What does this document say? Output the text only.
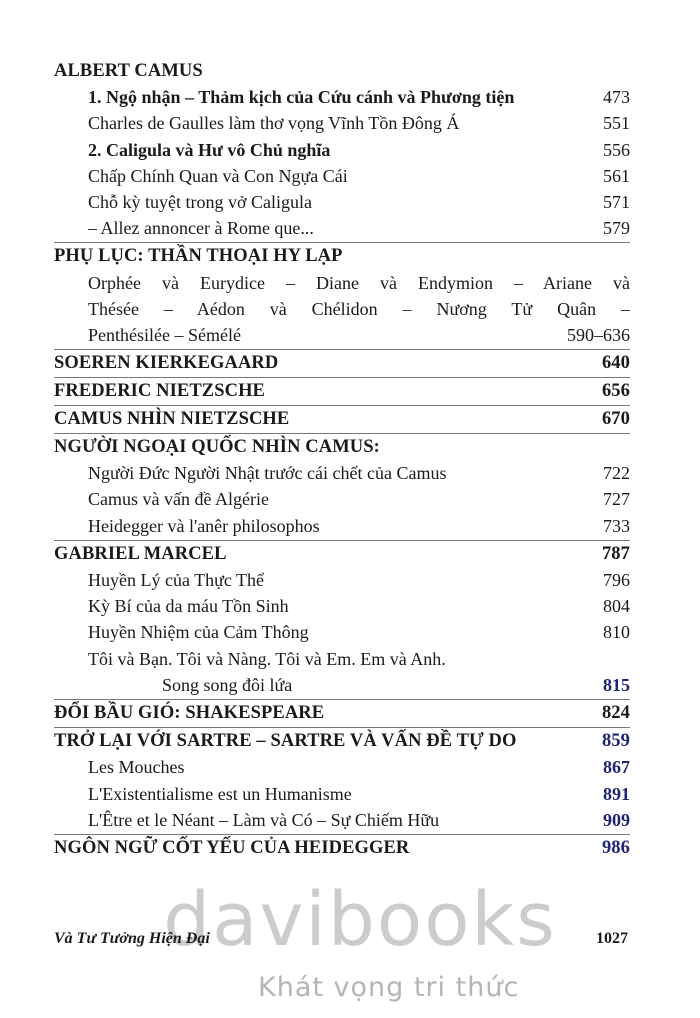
ALBERT CAMUS
1. Ngộ nhận – Thảm kịch của Cứu cánh và Phương tiện	473
Charles de Gaulles làm thơ vọng Vĩnh Tồn Đông Á	551
2. Caligula và Hư vô Chủ nghĩa	556
Chấp Chính Quan và Con Ngựa Cái	561
Chỗ kỳ tuyệt trong vở Caligula	571
– Allez annoncer à Rome que...	579
PHỤ LỤC: THẦN THOẠI HY LẠP
Orphée và Eurydice – Diane và Endymion – Ariane và
Thésée – Aédon và Chélidon – Nương Tử Quân –
Penthésilée – Sémélé	590–636
SOEREN KIERKEGAARD	640
FREDERIC NIETZSCHE	656
CAMUS NHÌN NIETZSCHE	670
NGƯỜI NGOẠI QUỐC NHÌN CAMUS:
Người Đức Người Nhật trước cái chết của Camus	722
Camus và vấn đề Algérie	727
Heidegger và l'anêr philosophos	733
GABRIEL MARCEL	787
Huyền Lý của Thực Thể	796
Kỳ Bí của da máu Tồn Sinh	804
Huyền Nhiệm của Cảm Thông	810
Tôi và Bạn. Tôi và Nàng. Tôi và Em. Em và Anh.
Song song đôi lứa	815
ĐỔI BẦU GIÓ: SHAKESPEARE	824
TRỞ LẠI VỚI SARTRE – SARTRE VÀ VẤN ĐỀ TỰ DO	859
Les Mouches	867
L'Existentialisme est un Humanisme	891
L'Être et le Néant – Làm và Có – Sự Chiếm Hữu	909
NGÔN NGỮ CỐT YẾU CỦA HEIDEGGER	986
davibooks
Khát vọng tri thức
Và Tư Tưởng Hiện Đại	1027
